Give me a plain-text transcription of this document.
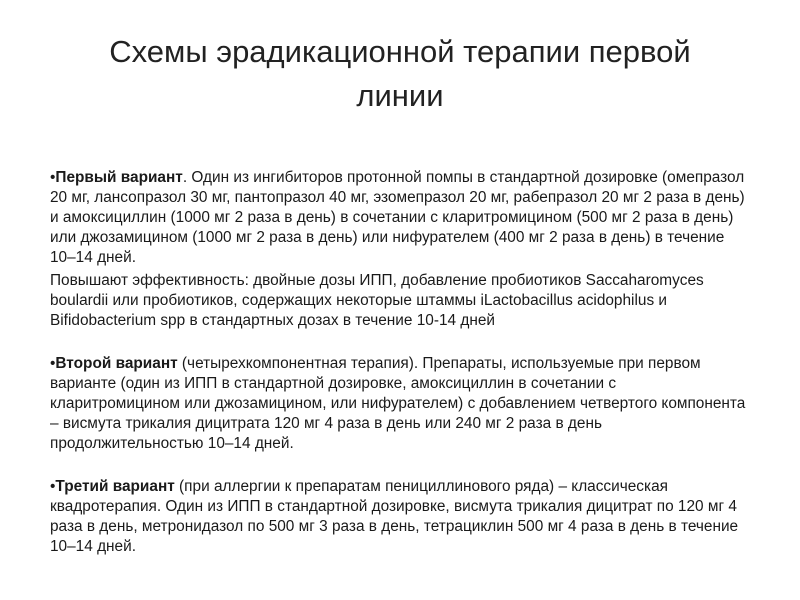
Схемы эрадикационной терапии первой
линии

•Первый вариант. Один из ингибиторов протонной помпы в стандартной дозировке (омепразол 20 мг, лансопразол 30 мг, пантопразол 40 мг, эзомепразол 20 мг, рабепразол 20 мг 2 раза в день) и амоксициллин (1000 мг 2 раза в день) в сочетании с кларитромицином (500 мг 2 раза в день) или джозамицином (1000 мг 2 раза в день) или нифурателем (400 мг 2 раза в день) в течение 10–14 дней.

Повышают эффективность: двойные дозы ИПП, добавление пробиотиков Saccaharomyces boulardii или пробиотиков, содержащих некоторые штаммы iLactobacillus acidophilus и Bifidobacterium spp в стандартных дозах в течение 10-14 дней

•Второй вариант (четырехкомпонентная терапия). Препараты, используемые при первом варианте (один из ИПП в стандартной дозировке, амоксициллин в сочетании с кларитромицином или джозамицином, или нифурателем) с добавлением четвертого компонента – висмута трикалия дицитрата 120 мг 4 раза в день или 240 мг 2 раза в день продолжительностью 10–14 дней.

•Третий вариант (при аллергии к препаратам пенициллинового ряда) – классическая квадротерапия. Один из ИПП в стандартной дозировке, висмута трикалия дицитрат по 120 мг 4 раза в день, метронидазол по 500 мг 3 раза в день, тетрациклин 500 мг 4 раза в день в течение 10–14 дней.
